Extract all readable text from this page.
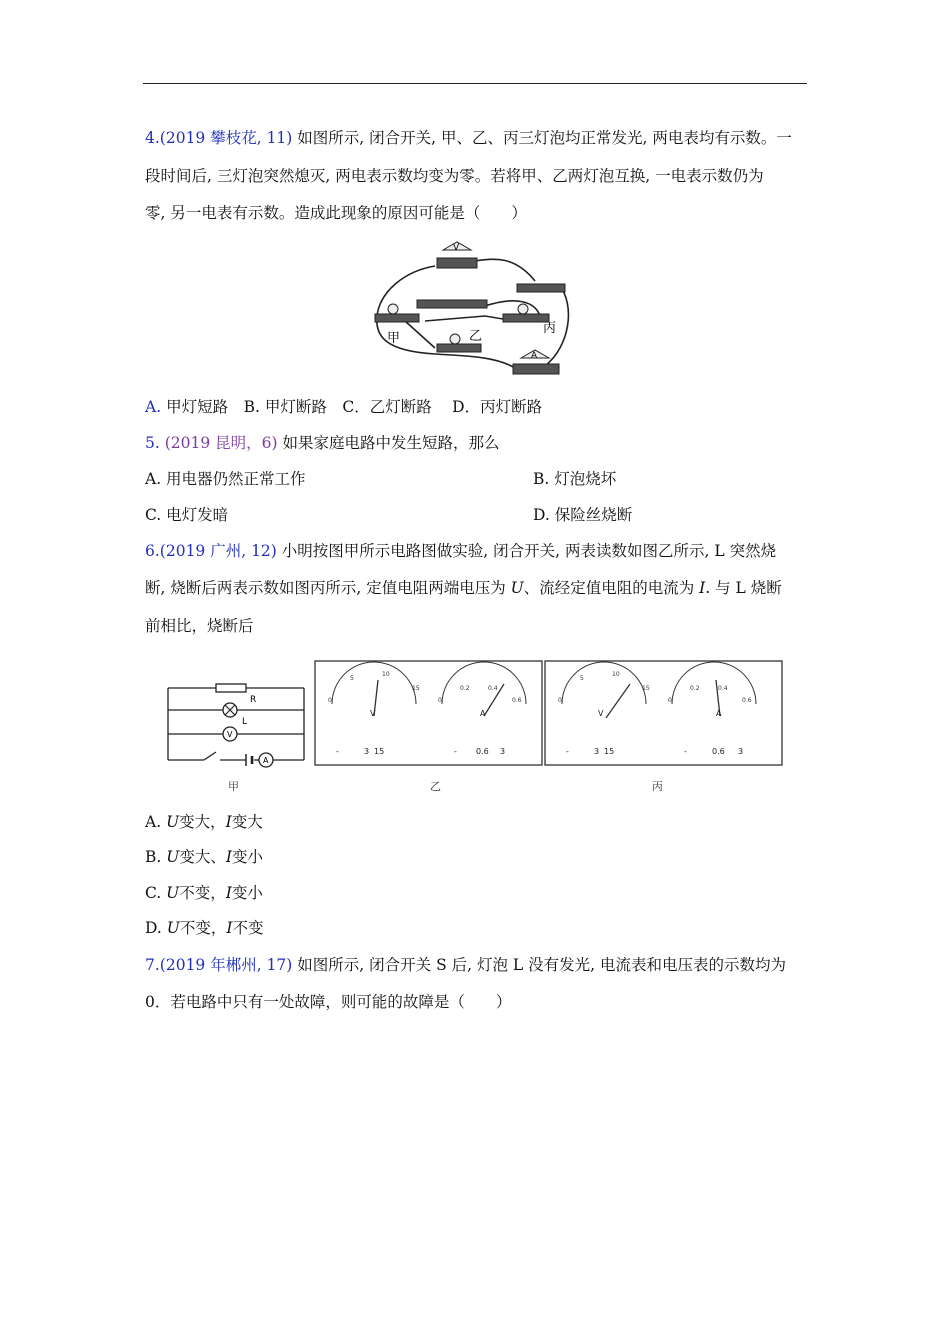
4.(2019 攀枝花, 11) 如图所示, 闭合开关, 甲、乙、丙三灯泡均正常发光, 两电表均有示数。一
段时间后, 三灯泡突然熄灭, 两电表示数均变为零。若将甲、乙两灯泡互换, 一电表示数仍为
零, 另一电表有示数。造成此现象的原因可能是（　　）
V
A
甲	乙
丙
A. 甲灯短路　 B. 甲灯断路　 C．乙灯断路　 D．丙灯断路
5. (2019 昆明，6) 如果家庭电路中发生短路，那么
A. 用电器仍然正常工作	B. 灯泡烧坏
C. 电灯发暗	D. 保险丝烧断
6.(2019 广州, 12) 小明按图甲所示电路图做实验, 闭合开关, 两表读数如图乙所示, L 突然烧
断, 烧断后两表示数如图丙所示, 定值电阻两端电压为 U、流经定值电阻的电流为 I. 与 L 烧断
前相比，烧断后
R
L
V
A
0
5
10
15
0
0.2	0.4
0.6
V	A
-	3 15	- 0.6 3
0
5
10
15
0
0.2	0.4
0.6
V	A
-	3 15	-	0.6 3
甲	乙	丙
A. U变大，I变大
B. U变大、I变小
C. U不变，I变小
D. U不变，I不变
7.(2019 年郴州, 17) 如图所示, 闭合开关 S 后, 灯泡 L 没有发光, 电流表和电压表的示数均为
0．若电路中只有一处故障，则可能的故障是（　　）
